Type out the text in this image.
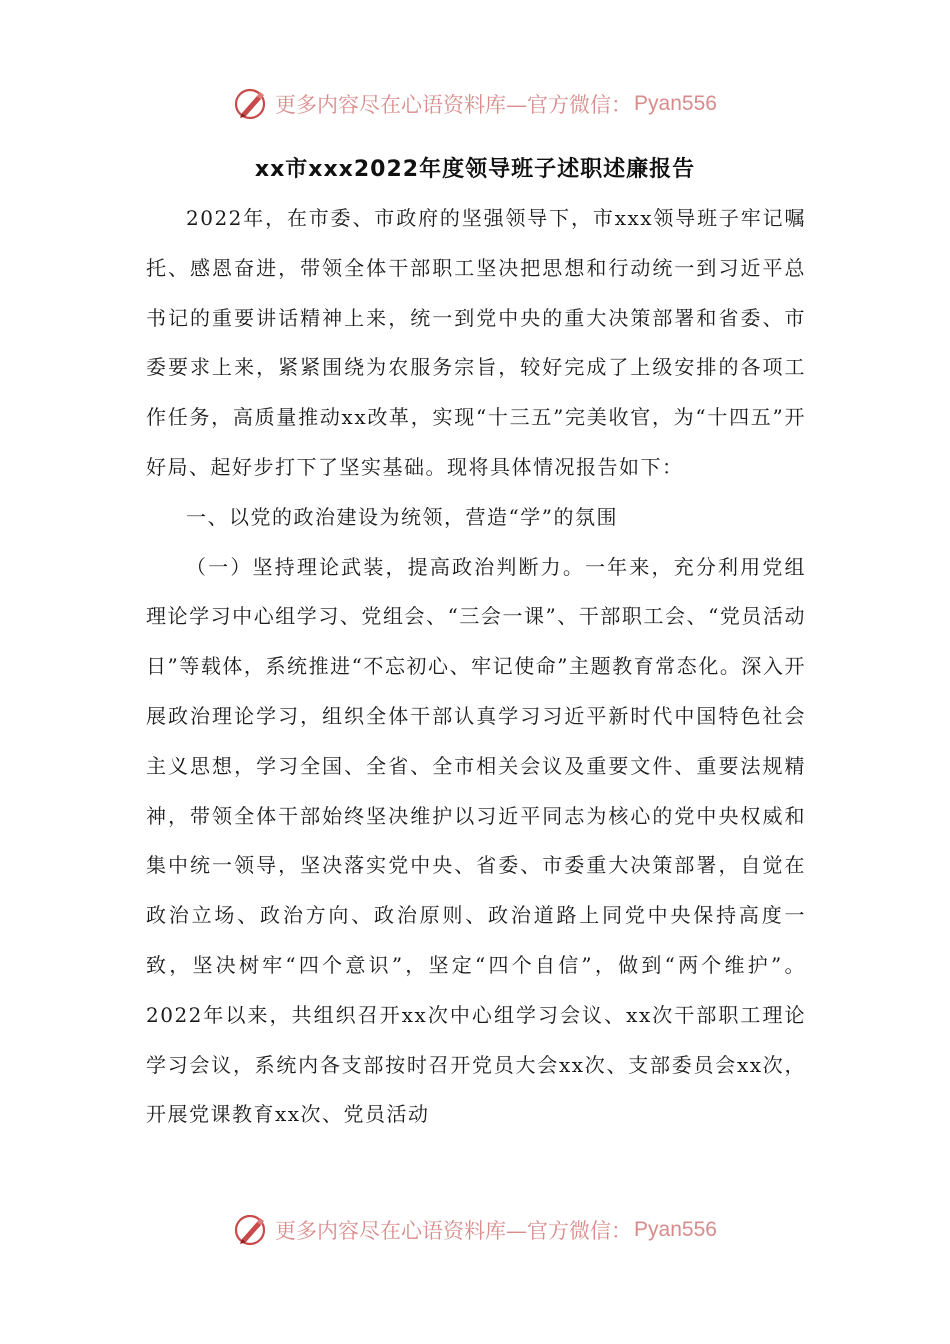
更多内容尽在心语资料库—官方微信： Pyan556
xx市xxx2022年度领导班子述职述廉报告

2022年，在市委、市政府的坚强领导下，市xxx领导班子牢记嘱托、感恩奋进，带领全体干部职工坚决把思想和行动统一到习近平总书记的重要讲话精神上来，统一到党中央的重大决策部署和省委、市委要求上来，紧紧围绕为农服务宗旨，较好完成了上级安排的各项工作任务，高质量推动xx改革，实现“十三五”完美收官，为“十四五”开好局、起好步打下了坚实基础。现将具体情况报告如下：

一、以党的政治建设为统领，营造“学”的氛围

（一）坚持理论武装，提高政治判断力。一年来，充分利用党组理论学习中心组学习、党组会、“三会一课”、干部职工会、“党员活动日”等载体，系统推进“不忘初心、牢记使命”主题教育常态化。深入开展政治理论学习，组织全体干部认真学习习近平新时代中国特色社会主义思想，学习全国、全省、全市相关会议及重要文件、重要法规精神，带领全体干部始终坚决维护以习近平同志为核心的党中央权威和集中统一领导，坚决落实党中央、省委、市委重大决策部署，自觉在政治立场、政治方向、政治原则、政治道路上同党中央保持高度一致，坚决树牢“四个意识”，坚定“四个自信”，做到“两个维护”。2022年以来，共组织召开xx次中心组学习会议、xx次干部职工理论学习会议，系统内各支部按时召开党员大会xx次、支部委员会xx次，开展党课教育xx次、党员活动

更多内容尽在心语资料库—官方微信： Pyan556
